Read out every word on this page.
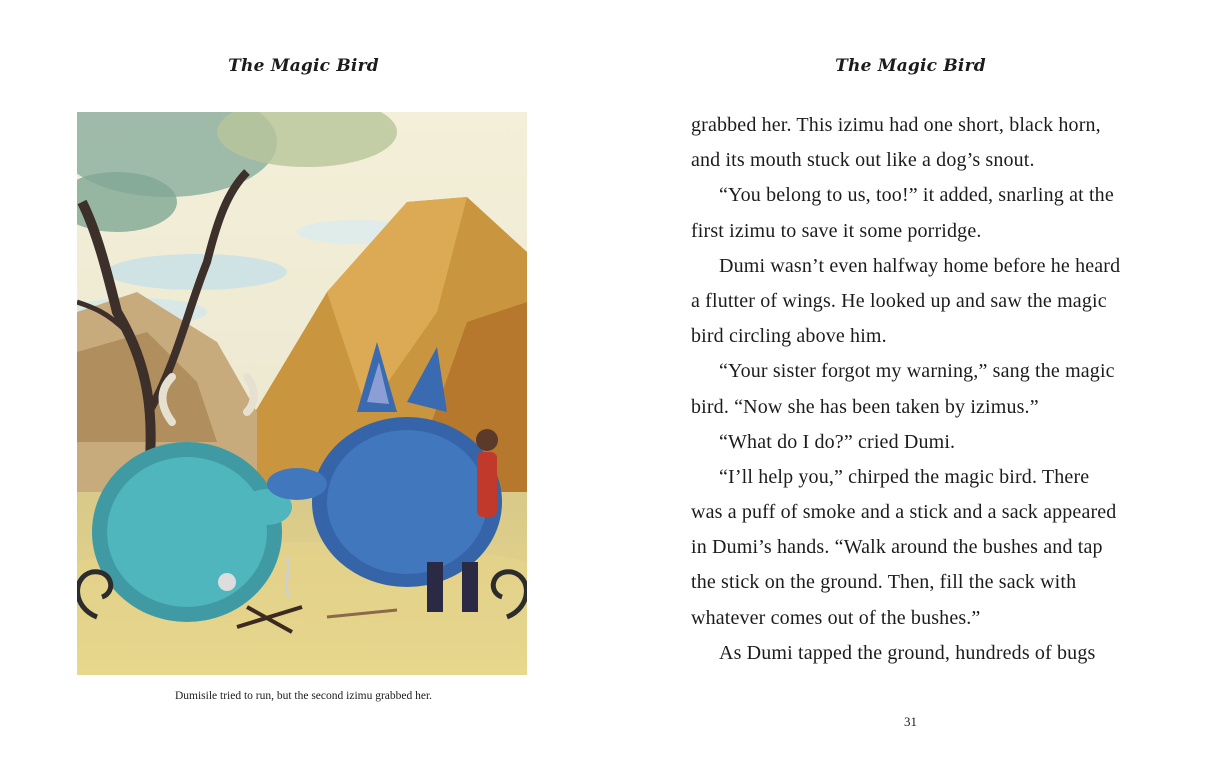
The Magic Bird
Dumisile tried to run, but the second izimu grabbed her.
The Magic Bird
grabbed her. This izimu had one short, black horn,
and its mouth stuck out like a dog’s snout.
“You belong to us, too!” it added, snarling at the
first izimu to save it some porridge.
Dumi wasn’t even halfway home before he heard
a flutter of wings. He looked up and saw the magic
bird circling above him.
“Your sister forgot my warning,” sang the magic
bird. “Now she has been taken by izimus.”
“What do I do?” cried Dumi.
“I’ll help you,” chirped the magic bird. There
was a puff of smoke and a stick and a sack appeared
in Dumi’s hands. “Walk around the bushes and tap
the stick on the ground. Then, fill the sack with
whatever comes out of the bushes.”
As Dumi tapped the ground, hundreds of bugs
31
